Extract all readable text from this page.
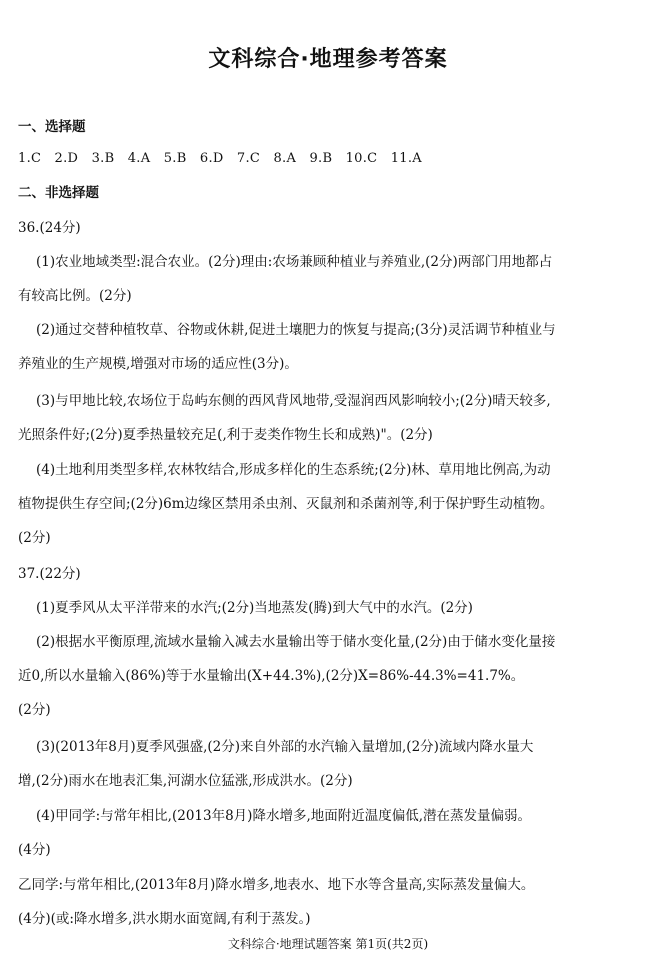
文科综合·地理参考答案
一、选择题
1.C　2.D　3.B　4.A　5.B　6.D　7.C　8.A　9.B　10.C　11.A
二、非选择题
36.(24分)
(1)农业地域类型:混合农业。(2分)理由:农场兼顾种植业与养殖业,(2分)两部门用地都占
有较高比例。(2分)
(2)通过交替种植牧草、谷物或休耕,促进土壤肥力的恢复与提高;(3分)灵活调节种植业与
养殖业的生产规模,增强对市场的适应性(3分)。
(3)与甲地比较,农场位于岛屿东侧的西风背风地带,受湿润西风影响较小;(2分)晴天较多,
光照条件好;(2分)夏季热量较充足(,利于麦类作物生长和成熟)"。(2分)
(4)土地利用类型多样,农林牧结合,形成多样化的生态系统;(2分)林、草用地比例高,为动
植物提供生存空间;(2分)6m边缘区禁用杀虫剂、灭鼠剂和杀菌剂等,利于保护野生动植物。
(2分)
37.(22分)
(1)夏季风从太平洋带来的水汽;(2分)当地蒸发(腾)到大气中的水汽。(2分)
(2)根据水平衡原理,流域水量输入减去水量输出等于储水变化量,(2分)由于储水变化量接
近0,所以水量输入(86%)等于水量输出(X+44.3%),(2分)X=86%-44.3%=41.7%。
(2分)
(3)(2013年8月)夏季风强盛,(2分)来自外部的水汽输入量增加,(2分)流域内降水量大
增,(2分)雨水在地表汇集,河湖水位猛涨,形成洪水。(2分)
(4)甲同学:与常年相比,(2013年8月)降水增多,地面附近温度偏低,潜在蒸发量偏弱。
(4分)
乙同学:与常年相比,(2013年8月)降水增多,地表水、地下水等含量高,实际蒸发量偏大。
(4分)(或:降水增多,洪水期水面宽阔,有利于蒸发。)
文科综合·地理试题答案 第1页(共2页)
